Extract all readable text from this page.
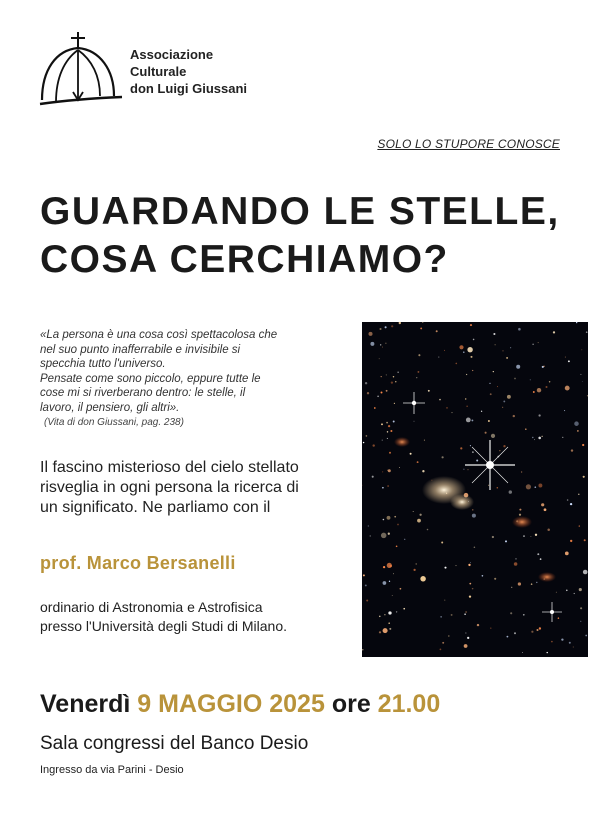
Associazione
Culturale
don Luigi Giussani
SOLO LO STUPORE CONOSCE
GUARDANDO LE STELLE,
COSA CERCHIAMO?
«La persona è una cosa così spettacolosa che
nel suo punto inafferrabile e invisibile si
specchia tutto l'universo.
Pensate come sono piccolo, eppure tutte le
cose mi si riverberano dentro: le stelle, il
lavoro, il pensiero, gli altri».
(Vita di don Giussani, pag. 238)
Il fascino misterioso del cielo stellato
risveglia in ogni persona la ricerca di
un significato. Ne parliamo con il
prof. Marco Bersanelli
ordinario di Astronomia e Astrofisica
presso l'Università degli Studi di Milano.
Venerdì 9 MAGGIO 2025 ore 21.00
Sala congressi del Banco Desio
Ingresso da via Parini - Desio
